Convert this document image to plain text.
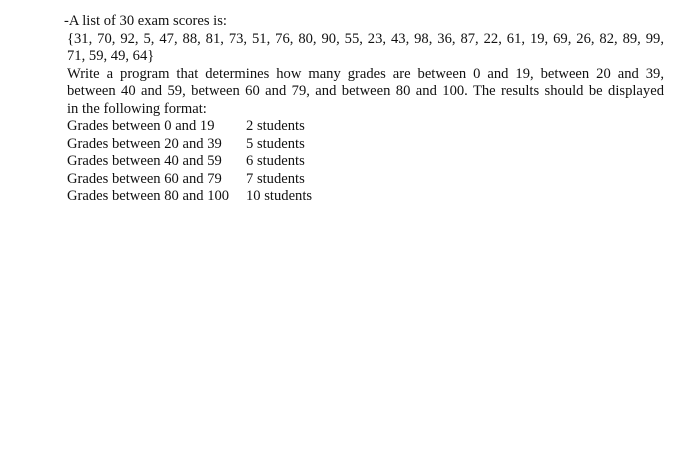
-A list of 30 exam scores is:
{31, 70, 92, 5, 47, 88, 81, 73, 51, 76, 80, 90, 55, 23, 43, 98, 36, 87, 22, 61, 19, 69, 26, 82, 89, 99,
71, 59, 49, 64}
Write a program that determines how many grades are between 0 and 19, between 20 and 39,
between 40 and 59, between 60 and 79, and between 80 and 100. The results should be displayed
in the following format:
Grades between 0 and 19	2 students
Grades between 20 and 39	5 students
Grades between 40 and 59	6 students
Grades between 60 and 79	7 students
Grades between 80 and 100	10 students
